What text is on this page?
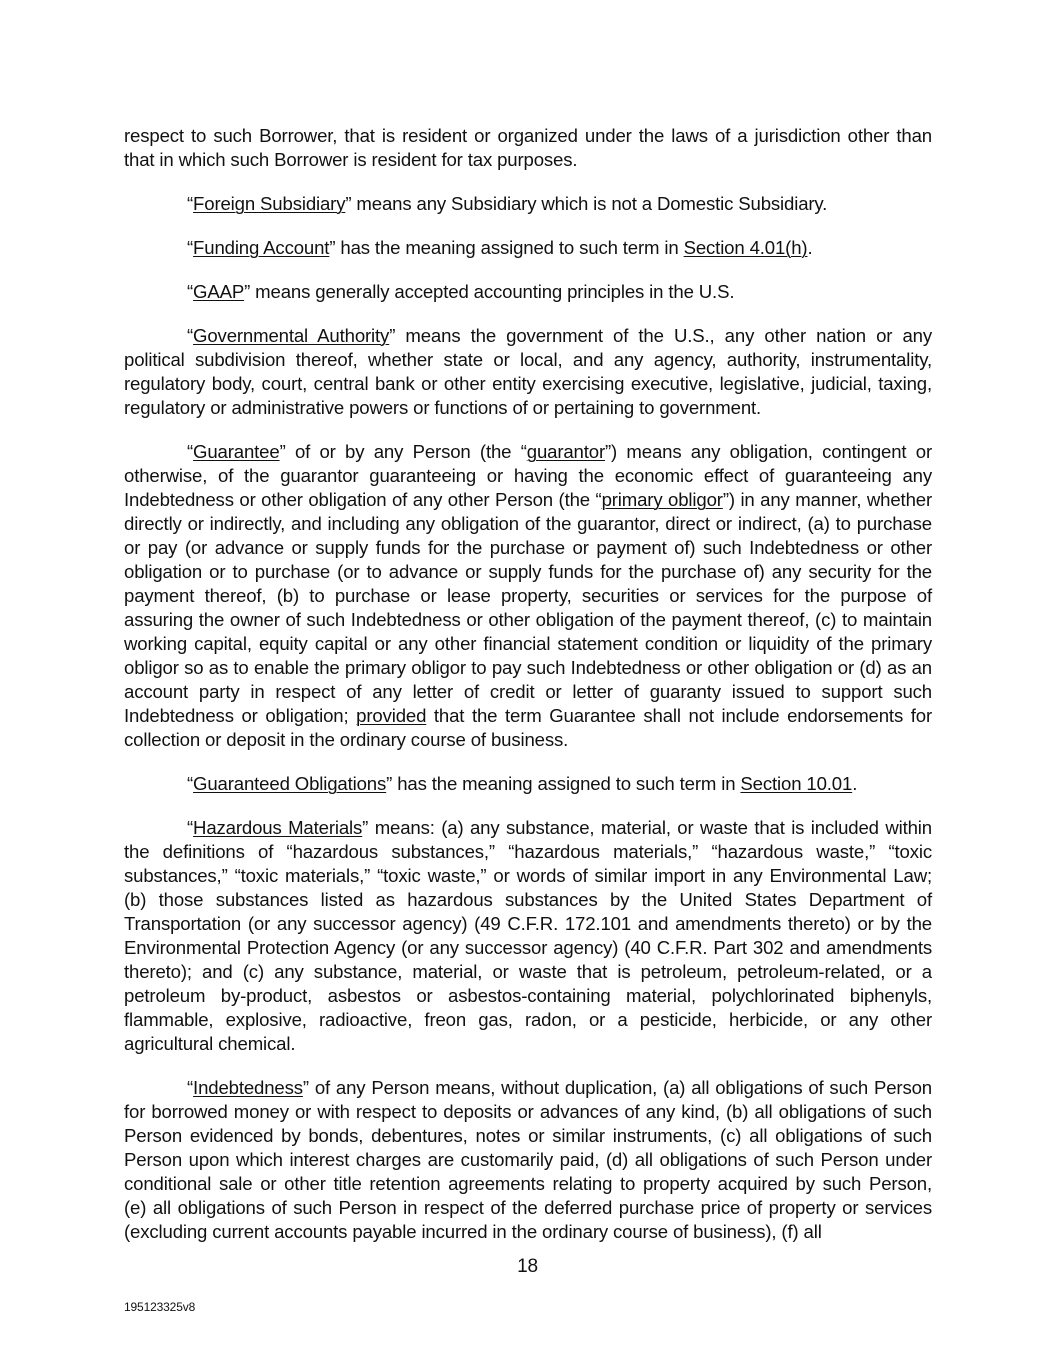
respect to such Borrower, that is resident or organized under the laws of a jurisdiction other than that in which such Borrower is resident for tax purposes.

“Foreign Subsidiary” means any Subsidiary which is not a Domestic Subsidiary.

“Funding Account” has the meaning assigned to such term in Section 4.01(h).

“GAAP” means generally accepted accounting principles in the U.S.

“Governmental Authority” means the government of the U.S., any other nation or any political subdivision thereof, whether state or local, and any agency, authority, instrumentality, regulatory body, court, central bank or other entity exercising executive, legislative, judicial, taxing, regulatory or administrative powers or functions of or pertaining to government.

“Guarantee” of or by any Person (the “guarantor”) means any obligation, contingent or otherwise, of the guarantor guaranteeing or having the economic effect of guaranteeing any Indebtedness or other obligation of any other Person (the “primary obligor”) in any manner, whether directly or indirectly, and including any obligation of the guarantor, direct or indirect, (a) to purchase or pay (or advance or supply funds for the purchase or payment of) such Indebtedness or other obligation or to purchase (or to advance or supply funds for the purchase of) any security for the payment thereof, (b) to purchase or lease property, securities or services for the purpose of assuring the owner of such Indebtedness or other obligation of the payment thereof, (c) to maintain working capital, equity capital or any other financial statement condition or liquidity of the primary obligor so as to enable the primary obligor to pay such Indebtedness or other obligation or (d) as an account party in respect of any letter of credit or letter of guaranty issued to support such Indebtedness or obligation; provided that the term Guarantee shall not include endorsements for collection or deposit in the ordinary course of business.

“Guaranteed Obligations” has the meaning assigned to such term in Section 10.01.

“Hazardous Materials” means: (a) any substance, material, or waste that is included within the definitions of “hazardous substances,” “hazardous materials,” “hazardous waste,” “toxic substances,” “toxic materials,” “toxic waste,” or words of similar import in any Environmental Law; (b) those substances listed as hazardous substances by the United States Department of Transportation (or any successor agency) (49 C.F.R. 172.101 and amendments thereto) or by the Environmental Protection Agency (or any successor agency) (40 C.F.R. Part 302 and amendments thereto); and (c) any substance, material, or waste that is petroleum, petroleum-related, or a petroleum by-product, asbestos or asbestos-containing material, polychlorinated biphenyls, flammable, explosive, radioactive, freon gas, radon, or a pesticide, herbicide, or any other agricultural chemical.

“Indebtedness” of any Person means, without duplication, (a) all obligations of such Person for borrowed money or with respect to deposits or advances of any kind, (b) all obligations of such Person evidenced by bonds, debentures, notes or similar instruments, (c) all obligations of such Person upon which interest charges are customarily paid, (d) all obligations of such Person under conditional sale or other title retention agreements relating to property acquired by such Person, (e) all obligations of such Person in respect of the deferred purchase price of property or services (excluding current accounts payable incurred in the ordinary course of business), (f) all

18
195123325v8
